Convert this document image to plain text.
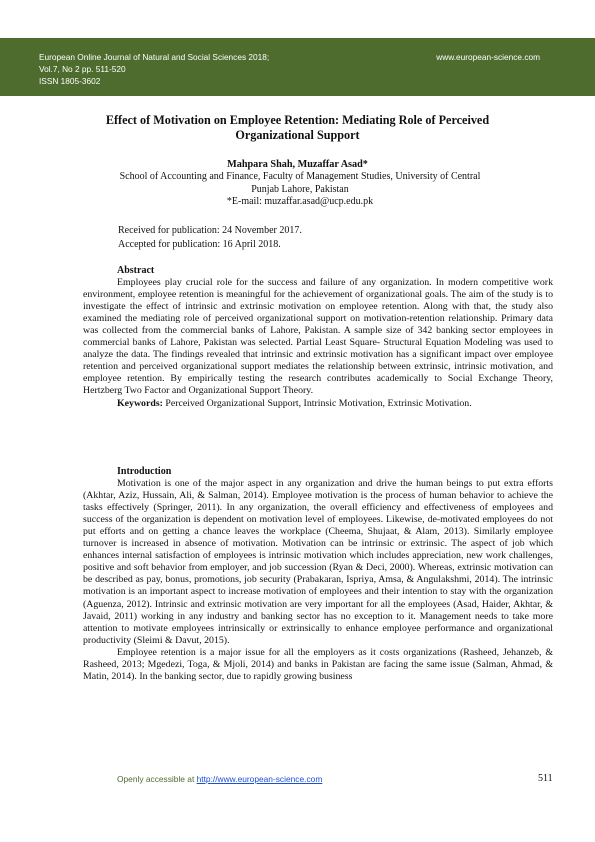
European Online Journal of Natural and Social Sciences 2018;
Vol.7, No 2 pp. 511-520
ISSN 1805-3602
www.european-science.com
Effect of Motivation on Employee Retention: Mediating Role of Perceived Organizational Support
Mahpara Shah, Muzaffar Asad*
School of Accounting and Finance, Faculty of Management Studies, University of Central Punjab Lahore, Pakistan
*E-mail: muzaffar.asad@ucp.edu.pk
Received for publication: 24 November 2017.
Accepted for publication: 16 April 2018.
Abstract

Employees play crucial role for the success and failure of any organization. In modern competitive work environment, employee retention is meaningful for the achievement of organizational goals. The aim of the study is to investigate the effect of intrinsic and extrinsic motivation on employee retention. Along with that, the study also examined the mediating role of perceived organizational support on motivation-retention relationship. Primary data was collected from the commercial banks of Lahore, Pakistan. A sample size of 342 banking sector employees in commercial banks of Lahore, Pakistan was selected. Partial Least Square- Structural Equation Modeling was used to analyze the data. The findings revealed that intrinsic and extrinsic motivation has a significant impact over employee retention and perceived organizational support mediates the relationship between extrinsic, intrinsic motivation, and employee retention. By empirically testing the research contributes academically to Social Exchange Theory, Hertzberg Two Factor and Organizational Support Theory.

Keywords: Perceived Organizational Support, Intrinsic Motivation, Extrinsic Motivation.
Introduction

Motivation is one of the major aspect in any organization and drive the human beings to put extra efforts (Akhtar, Aziz, Hussain, Ali, & Salman, 2014). Employee motivation is the process of human behavior to achieve the tasks effectively (Springer, 2011). In any organization, the overall efficiency and effectiveness of employees and success of the organization is dependent on motivation level of employees. Likewise, de-motivated employees do not put efforts and on getting a chance leaves the workplace (Cheema, Shujaat, & Alam, 2013). Similarly employee turnover is increased in absence of motivation. Motivation can be intrinsic or extrinsic. The aspect of job which enhances internal satisfaction of employees is intrinsic motivation which includes appreciation, new work challenges, positive and soft behavior from employer, and job succession (Ryan & Deci, 2000). Whereas, extrinsic motivation can be described as pay, bonus, promotions, job security (Prabakaran, Ispriya, Amsa, & Angulakshmi, 2014). The intrinsic motivation is an important aspect to increase motivation of employees and their intention to stay with the organization (Aguenza, 2012). Intrinsic and extrinsic motivation are very important for all the employees (Asad, Haider, Akhtar, & Javaid, 2011) working in any industry and banking sector has no exception to it. Management needs to take more attention to motivate employees intrinsically or extrinsically to enhance employee performance and organizational productivity (Sleimi & Davut, 2015).

Employee retention is a major issue for all the employers as it costs organizations (Rasheed, Jehanzeb, & Rasheed, 2013; Mgedezi, Toga, & Mjoli, 2014) and banks in Pakistan are facing the same issue (Salman, Ahmad, & Matin, 2014). In the banking sector, due to rapidly growing business

Openly accessible at http://www.european-science.com	511
